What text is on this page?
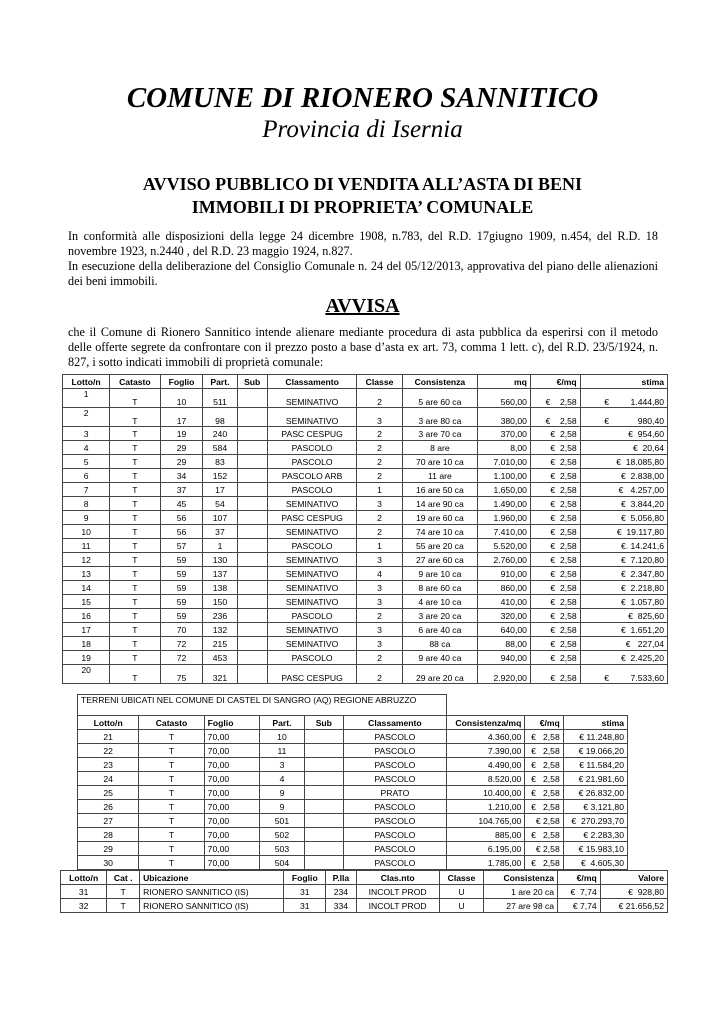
COMUNE DI RIONERO SANNITICO
Provincia di Isernia
AVVISO PUBBLICO DI VENDITA ALL’ASTA DI BENI
IMMOBILI DI PROPRIETA’ COMUNALE
In conformità alle disposizioni della legge 24 dicembre 1908, n.783, del R.D. 17giugno 1909, n.454, del R.D. 18 novembre 1923, n.2440 , del R.D. 23 maggio 1924, n.827.
In esecuzione della deliberazione del Consiglio Comunale n. 24 del 05/12/2013, approvativa del piano delle alienazioni dei beni immobili.
AVVISA
che il Comune di Rionero Sannitico intende alienare mediante procedura di asta pubblica da esperirsi con il metodo delle offerte segrete da confrontare con il prezzo posto a base d’asta ex art. 73, comma 1 lett. c), del R.D. 23/5/1924, n. 827, i sotto indicati immobili di proprietà comunale:
Lotto/n	Catasto	Foglio	Part.	Sub	Classamento	Classe	Consistenza	mq	€/mq	stima
1	T	10	511		SEMINATIVO	2	5 are 60 ca	560,00	€    2,58	€         1.444,80
2	T	17	98		SEMINATIVO	3	3 are 80 ca	380,00	€    2,58	€            980,40
3	T	19	240		PASC CESPUG	2	3 are 70 ca	370,00	€  2,58	€  954,60
4	T	29	584		PASCOLO	2	8 are	8,00	€  2,58	€  20,64
5	T	29	83		PASCOLO	2	70 are 10 ca	7.010,00	€  2,58	€  18.085,80
6	T	34	152		PASCOLO ARB	2	11 are	1.100,00	€  2,58	€  2.838,00
7	T	37	17		PASCOLO	1	16 are 50 ca	1.650,00	€  2,58	€   4.257,00
8	T	45	54		SEMINATIVO	3	14 are 90 ca	1.490,00	€  2,58	€  3.844,20
9	T	56	107		PASC CESPUG	2	19 are 60 ca	1.960,00	€  2,58	€  5.056,80
10	T	56	37		SEMINATIVO	2	74 are 10 ca	7.410,00	€  2,58	€  19.117,80
11	T	57	1		PASCOLO	1	55 are 20 ca	5.520,00	€  2,58	€. 14.241,6
12	T	59	130		SEMINATIVO	3	27 are 60 ca	2.760,00	€  2,58	€  7.120,80
13	T	59	137		SEMINATIVO	4	9 are 10 ca	910,00	€  2,58	€  2.347,80
14	T	59	138		SEMINATIVO	3	8 are 60 ca	860,00	€  2,58	€  2.218,80
15	T	59	150		SEMINATIVO	3	4 are 10 ca	410,00	€  2,58	€  1.057,80
16	T	59	236		PASCOLO	2	3 are 20 ca	320,00	€  2,58	€  825,60
17	T	70	132		SEMINATIVO	3	6 are 40 ca	640,00	€  2,58	€  1.651,20
18	T	72	215		SEMINATIVO	3	88 ca	88,00	€  2,58	€   227,04
19	T	72	453		PASCOLO	2	9 are 40 ca	940,00	€  2,58	€  2.425,20
20	T	75	321		PASC CESPUG	2	29 are 20 ca	2.920,00	€  2,58	€         7.533,60
TERRENI UBICATI NEL COMUNE DI CASTEL DI SANGRO (AQ) REGIONE ABRUZZO								
Lotto/n	Catasto	Foglio	Part.	Sub	Classamento	Consistenza/mq	€/mq	stima
21	T	70,00	10		PASCOLO	4.360,00	€   2,58	€ 11.248,80
22	T	70,00	11		PASCOLO	7.390,00	€   2,58	€ 19.066,20
23	T	70,00	3		PASCOLO	4.490,00	€   2,58	€ 11.584,20
24	T	70,00	4		PASCOLO	8.520,00	€   2,58	€ 21.981,60
25	T	70,00	9		PRATO	10.400,00	€   2,58	€ 26.832,00
26	T	70,00	9		PASCOLO	1.210,00	€   2,58	€ 3.121,80
27	T	70,00	501		PASCOLO	104.765,00	€ 2,58	€  270.293,70
28	T	70,00	502		PASCOLO	885,00	€   2,58	€ 2.283,30
29	T	70,00	503		PASCOLO	6.195,00	€ 2,58	€ 15.983,10
30	T	70,00	504		PASCOLO	1.785,00	€   2,58	€  4.605,30
Lotto/n	Cat .	Ubicazione	Foglio	P.lla	Clas.nto	Classe	Consistenza	€/mq	Valore
31	T	RIONERO SANNITICO (IS)	31	234	INCOLT PROD	U	1 are 20 ca	€  7,74	€  928,80
32	T	RIONERO SANNITICO (IS)	31	334	INCOLT PROD	U	27 are 98 ca	€ 7,74	€ 21.656,52
